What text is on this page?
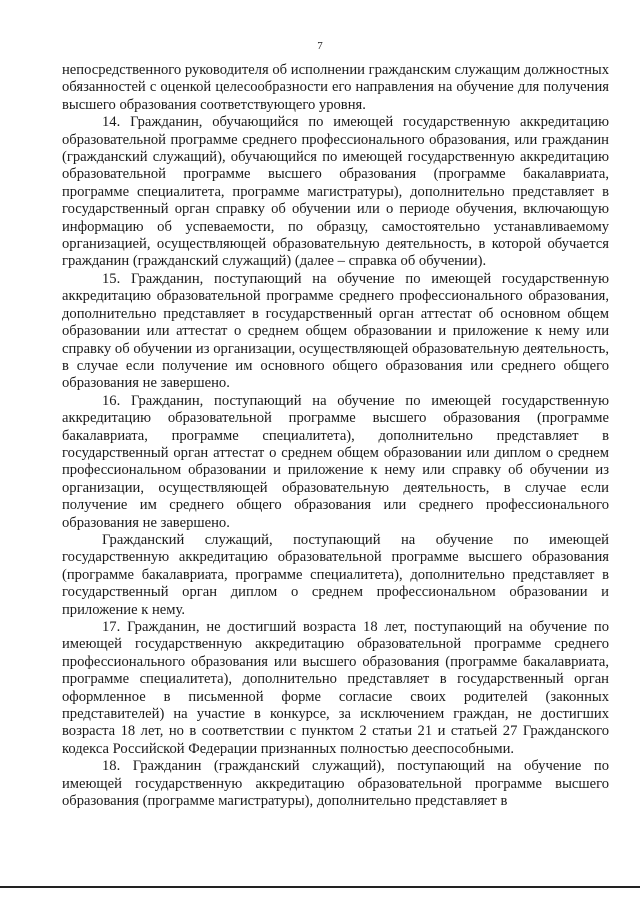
7

непосредственного руководителя об исполнении гражданским служащим должностных обязанностей с оценкой целесообразности его направления на обучение для получения высшего образования соответствующего уровня.

14. Гражданин, обучающийся по имеющей государственную аккредитацию образовательной программе среднего профессионального образования, или гражданин (гражданский служащий), обучающийся по имеющей государственную аккредитацию образовательной программе высшего образования (программе бакалавриата, программе специалитета, программе магистратуры), дополнительно представляет в государственный орган справку об обучении или о периоде обучения, включающую информацию об успеваемости, по образцу, самостоятельно устанавливаемому организацией, осуществляющей образовательную деятельность, в которой обучается гражданин (гражданский служащий) (далее – справка об обучении).

15. Гражданин, поступающий на обучение по имеющей государственную аккредитацию образовательной программе среднего профессионального образования, дополнительно представляет в государственный орган аттестат об основном общем образовании или аттестат о среднем общем образовании и приложение к нему или справку об обучении из организации, осуществляющей образовательную деятельность, в случае если получение им основного общего образования или среднего общего образования не завершено.

16. Гражданин, поступающий на обучение по имеющей государственную аккредитацию образовательной программе высшего образования (программе бакалавриата, программе специалитета), дополнительно представляет в государственный орган аттестат о среднем общем образовании или диплом о среднем профессиональном образовании и приложение к нему или справку об обучении из организации, осуществляющей образовательную деятельность, в случае если получение им среднего общего образования или среднего профессионального образования не завершено.

Гражданский служащий, поступающий на обучение по имеющей государственную аккредитацию образовательной программе высшего образования (программе бакалавриата, программе специалитета), дополнительно представляет в государственный орган диплом о среднем профессиональном образовании и приложение к нему.

17. Гражданин, не достигший возраста 18 лет, поступающий на обучение по имеющей государственную аккредитацию образовательной программе среднего профессионального образования или высшего образования (программе бакалавриата, программе специалитета), дополнительно представляет в государственный орган оформленное в письменной форме согласие своих родителей (законных представителей) на участие в конкурсе, за исключением граждан, не достигших возраста 18 лет, но в соответствии с пунктом 2 статьи 21 и статьей 27 Гражданского кодекса Российской Федерации признанных полностью дееспособными.

18. Гражданин (гражданский служащий), поступающий на обучение по имеющей государственную аккредитацию образовательной программе высшего образования (программе магистратуры), дополнительно представляет в
